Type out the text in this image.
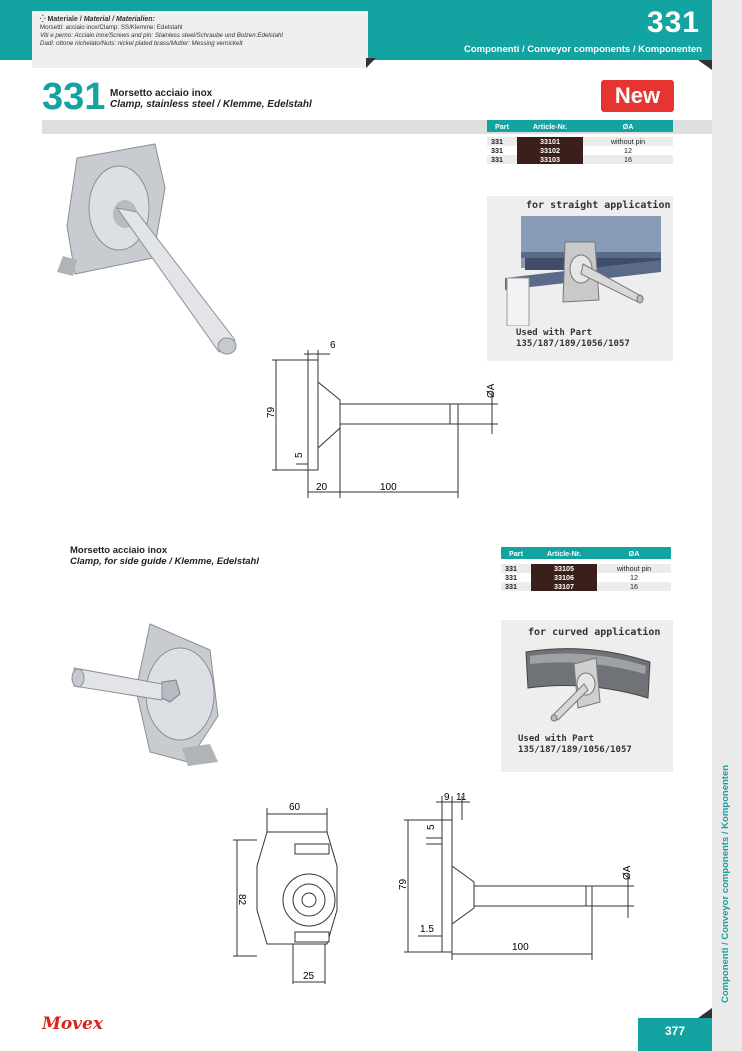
⁛ Materiale / Material / Materialien:
Morsetti: acciaio inox/Clamp: SS/Klemme: Edelstahl
Viti e perno: Acciaio inox/Screws and pin: Stainless steel/Schraube und Bolzen:Edelstahl
Dadi: ottone nichelato/Nuts: nickel plated brass/Mutter: Messing vernickelt
331
Componenti / Conveyor components / Komponenten
Componenti / Conveyor components / Komponenten
331 Morsetto acciaio inox
Clamp, stainless steel / Klemme, Edelstahl	New
Part	Article-Nr.	ØA

331	33101	without pin
331	33102	12
331	33103	16
for straight application
Used with Part
135/187/189/1056/1057
6
79
5
20	100
ØA
Morsetto acciaio inox
Clamp, for side guide / Klemme, Edelstahl
Part	Article-Nr.	ØA

331	33105	without pin
331	33106	12
331	33107	16
for curved application
Used with Part
135/187/189/1056/1057
60
82
25
9 11
5
79
1.5
100
ØA
Movex	377
